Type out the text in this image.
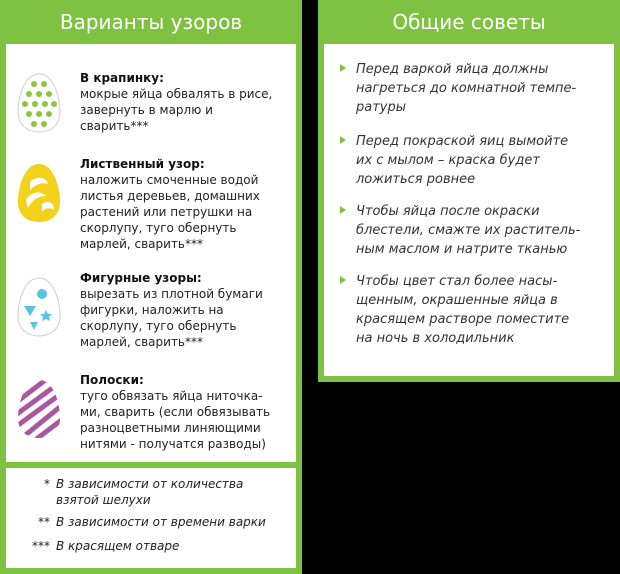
Варианты узоров
В крапинку:
мокрые яйца обвалять в рисе,
завернуть в марлю и
сварить***
Лиственный узор:
наложить смоченные водой
листья деревьев, домашних
растений или петрушки на
скорлупу, туго обернуть
марлей, сварить***
Фигурные узоры:
вырезать из плотной бумаги
фигурки, наложить на
скорлупу, туго обернуть
марлей, сварить***
Полоски:
туго обвязать яйца ниточка-
ми, сварить (если обвязывать
разноцветными линяющими
нитями - получатся разводы)
* В зависимости от количества
взятой шелухи
** В зависимости от времени варки
*** В красящем отваре
Общие советы
Перед варкой яйца должны
нагреться до комнатной темпе-
ратуры
Перед покраской яиц вымойте
их с мылом – краска будет
ложиться ровнее
Чтобы яйца после окраски
блестели, смажте их раститель-
ным маслом и натрите тканью
Чтобы цвет стал более насы-
щенным, окрашенные яйца в
красящем растворе поместите
на ночь в холодильник
